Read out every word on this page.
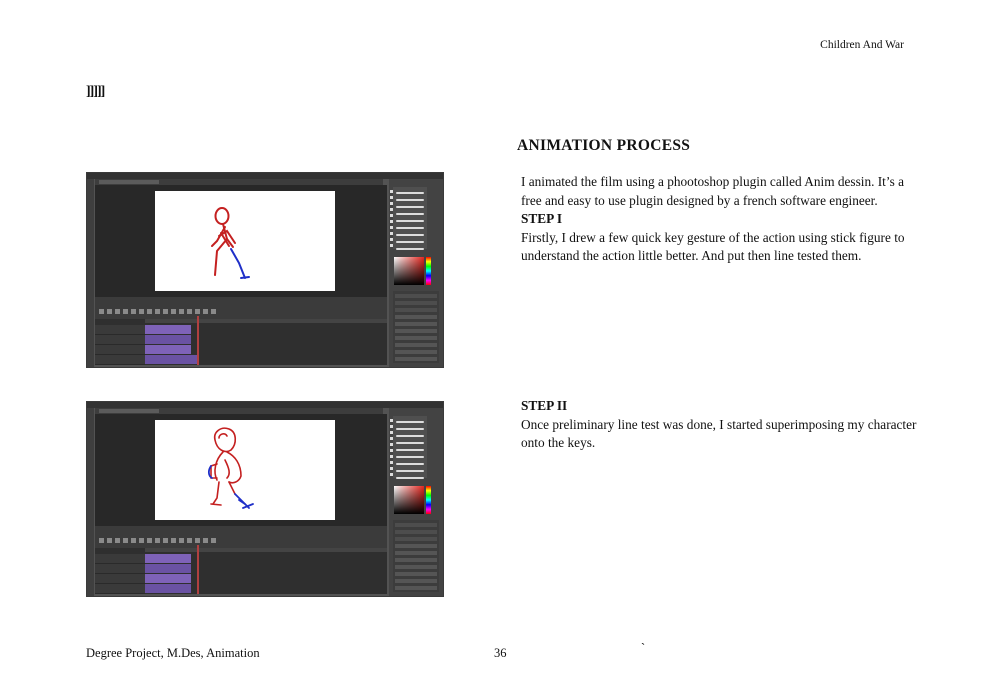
Children And War
]]]]]
ANIMATION PROCESS

I animated the film using a phootoshop plugin called Anim dessin. It’s a free and easy to use plugin designed by a french software engineer.

STEP I

Firstly, I drew a few quick key gesture of the action using stick figure to understand the action little better. And put then line tested them.

STEP II

Once preliminary line test was done, I started superimposing my character onto the keys.

Degree Project, M.Des, Animation	36	`
